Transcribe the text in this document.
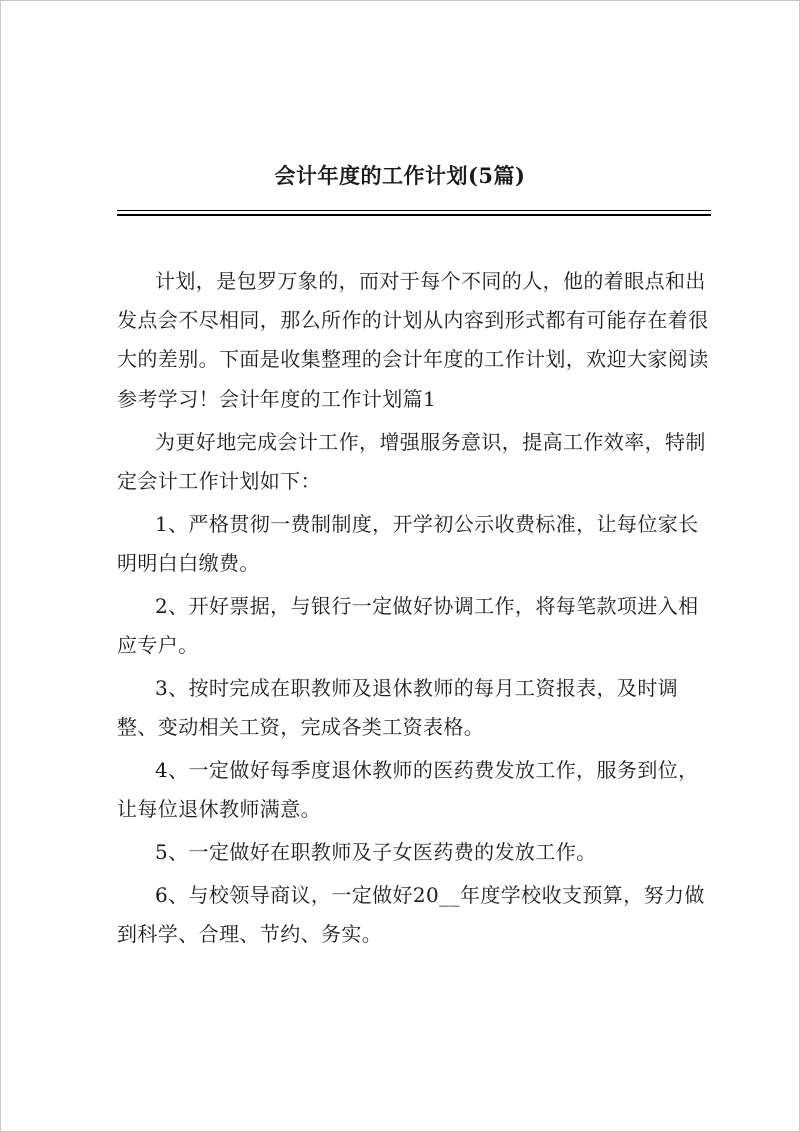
会计年度的工作计划(5篇)

计划，是包罗万象的，而对于每个不同的人，他的着眼点和出发点会不尽相同，那么所作的计划从内容到形式都有可能存在着很大的差别。下面是收集整理的会计年度的工作计划，欢迎大家阅读参考学习！会计年度的工作计划篇1

为更好地完成会计工作，增强服务意识，提高工作效率，特制定会计工作计划如下：

1、严格贯彻一费制制度，开学初公示收费标准，让每位家长明明白白缴费。

2、开好票据，与银行一定做好协调工作，将每笔款项进入相应专户。

3、按时完成在职教师及退休教师的每月工资报表，及时调整、变动相关工资，完成各类工资表格。

4、一定做好每季度退休教师的医药费发放工作，服务到位，让每位退休教师满意。

5、一定做好在职教师及子女医药费的发放工作。

6、与校领导商议，一定做好20__年度学校收支预算，努力做到科学、合理、节约、务实。
